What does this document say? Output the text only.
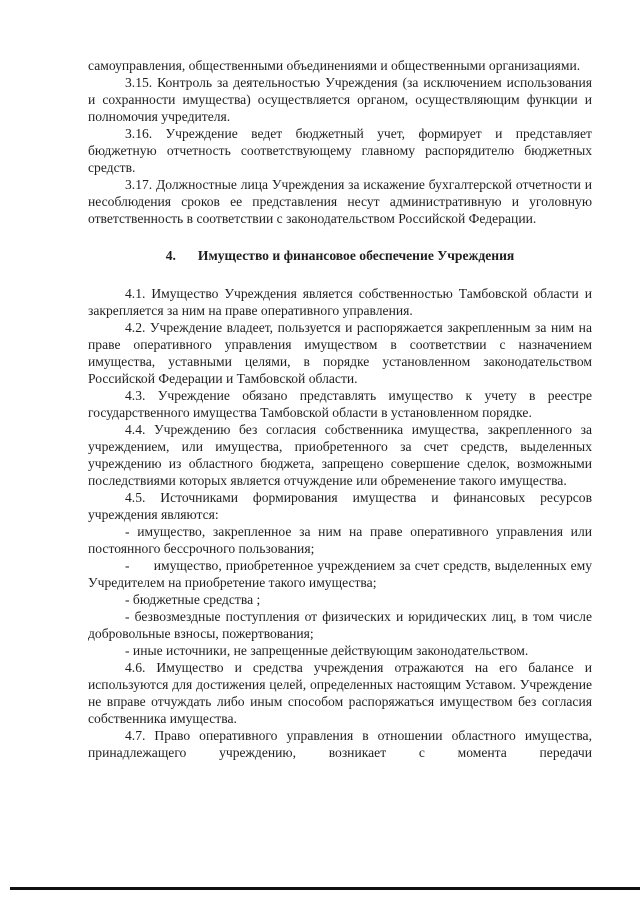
самоуправления, общественными объединениями и общественными организациями.
3.15. Контроль за деятельностью Учреждения (за исключением использования и сохранности имущества) осуществляется органом, осуществляющим функции и полномочия учредителя.
3.16. Учреждение ведет бюджетный учет, формирует и представляет бюджетную отчетность соответствующему главному распорядителю бюджетных средств.
3.17. Должностные лица Учреждения за искажение бухгалтерской отчетности и несоблюдения сроков ее представления несут административную и уголовную ответственность в соответствии с законодательством Российской Федерации.
4. Имущество и финансовое обеспечение Учреждения
4.1. Имущество Учреждения является собственностью Тамбовской области и закрепляется за ним на праве оперативного управления.
4.2. Учреждение владеет, пользуется и распоряжается закрепленным за ним на праве оперативного управления имуществом в соответствии с назначением имущества, уставными целями, в порядке установленном законодательством Российской Федерации и Тамбовской области.
4.3. Учреждение обязано представлять имущество к учету в реестре государственного имущества Тамбовской области в установленном порядке.
4.4. Учреждению без согласия собственника имущества, закрепленного за учреждением, или имущества, приобретенного за счет средств, выделенных учреждению из областного бюджета, запрещено совершение сделок, возможными последствиями которых является отчуждение или обременение такого имущества.
4.5. Источниками формирования имущества и финансовых ресурсов учреждения являются:
- имущество, закрепленное за ним на праве оперативного управления или постоянного бессрочного пользования;
-      имущество, приобретенное учреждением за счет средств, выделенных ему Учредителем на приобретение такого имущества;
- бюджетные средства ;
- безвозмездные поступления от физических и юридических лиц, в том числе добровольные взносы, пожертвования;
- иные источники, не запрещенные действующим законодательством.
4.6. Имущество и средства учреждения отражаются на его балансе и используются для достижения целей, определенных настоящим Уставом. Учреждение не вправе отчуждать либо иным способом распоряжаться имуществом без согласия собственника имущества.
4.7. Право оперативного управления в отношении областного имущества, принадлежащего учреждению, возникает с момента передачи
